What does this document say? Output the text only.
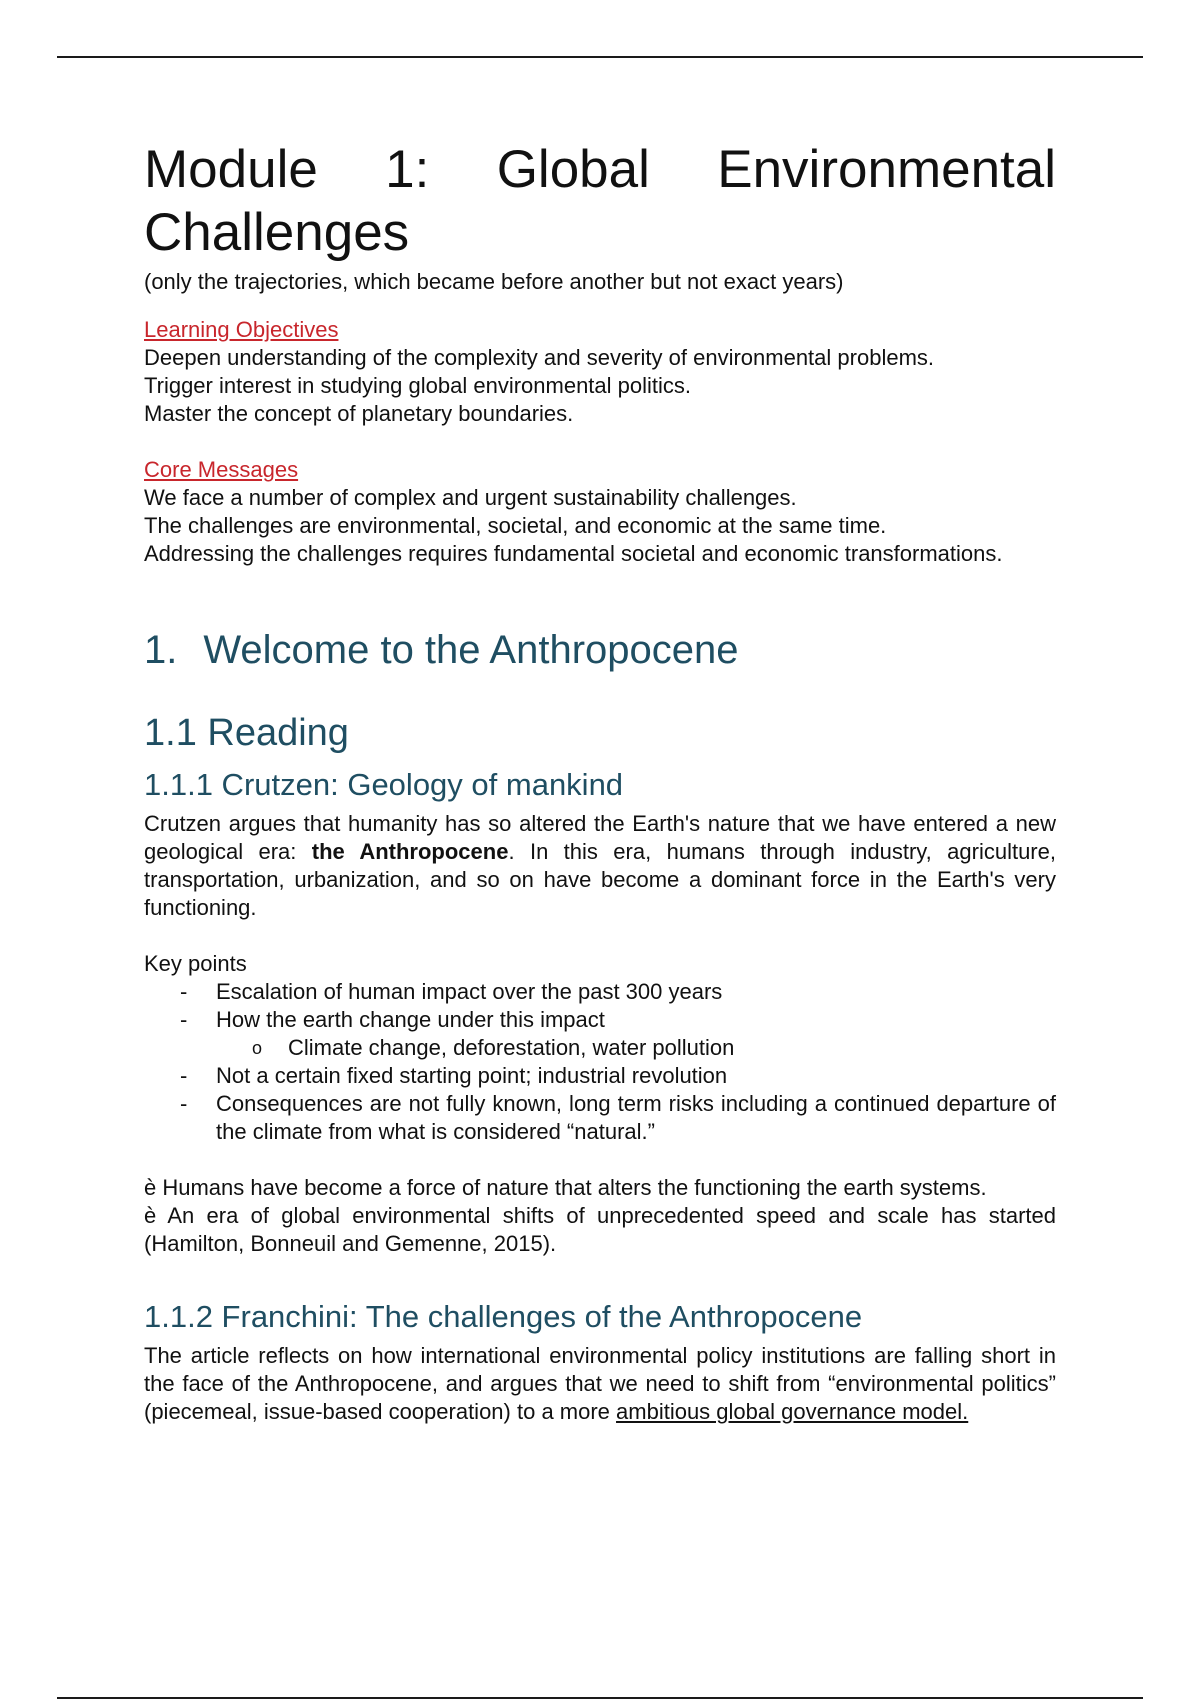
Module 1: Global Environmental
Challenges

(only the trajectories, which became before another but not exact years)

Learning Objectives

Deepen understanding of the complexity and severity of environmental problems.

Trigger interest in studying global environmental politics.

Master the concept of planetary boundaries.

Core Messages

We face a number of complex and urgent sustainability challenges.

The challenges are environmental, societal, and economic at the same time.

Addressing the challenges requires fundamental societal and economic transformations.

1. Welcome to the Anthropocene
1.1 Reading
1.1.1 Crutzen: Geology of mankind

Crutzen argues that humanity has so altered the Earth's nature that we have entered a new geological era: the Anthropocene. In this era, humans through industry, agriculture, transportation, urbanization, and so on have become a dominant force in the Earth's very functioning.

Key points

- Escalation of human impact over the past 300 years
- How the earth change under this impact
o Climate change, deforestation, water pollution
- Not a certain fixed starting point; industrial revolution
- Consequences are not fully known, long term risks including a continued departure of the climate from what is considered “natural.”

è Humans have become a force of nature that alters the functioning the earth systems.

è An era of global environmental shifts of unprecedented speed and scale has started (Hamilton, Bonneuil and Gemenne, 2015).

1.1.2 Franchini: The challenges of the Anthropocene

The article reflects on how international environmental policy institutions are falling short in the face of the Anthropocene, and argues that we need to shift from “environmental politics” (piecemeal, issue-based cooperation) to a more ambitious global governance model.
